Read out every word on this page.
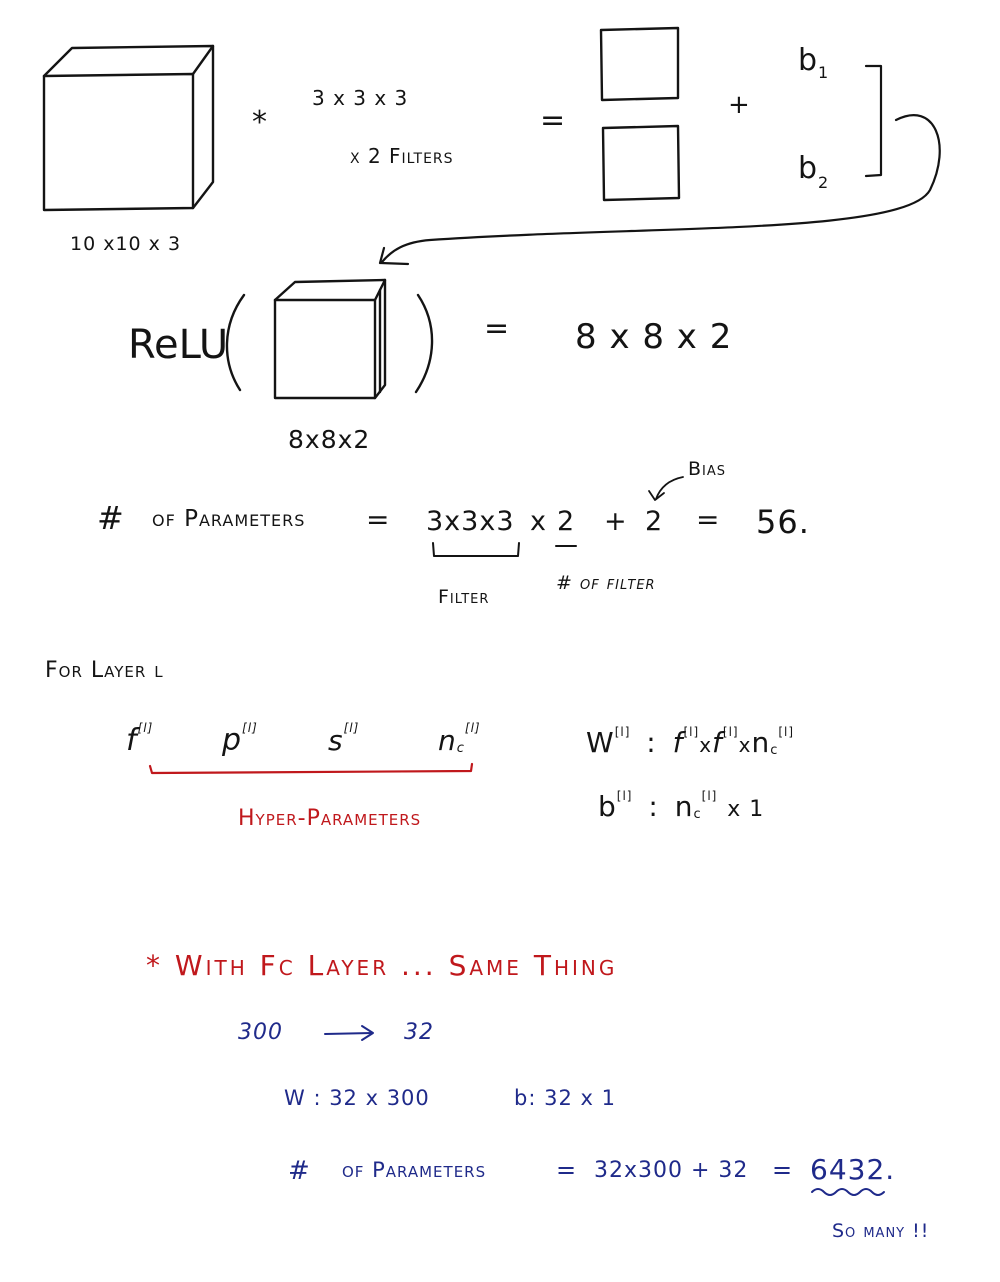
10 x10 x 3
*
3 x 3 x 3
x 2 Filters
=	+
$b_1$
$b_2$
ReLU
8x8x2
= 8 x 8 x 2
# of Parameters = 3x3x3 x 2 + 2 = 56.
Bias
Filter
# of filter
For Layer l
f[l] p[l]	s[l]	nc[l]
Hyper-Parameters
W[l] : f[l]xf[l]xnc[l]
b[l] : nc[l] x 1
* With Fc Layer ... Same Thing
300	32
W : 32 x 300	b: 32 x 1
# of Parameters	= 32x300 + 32 = 6432.
So many !!
